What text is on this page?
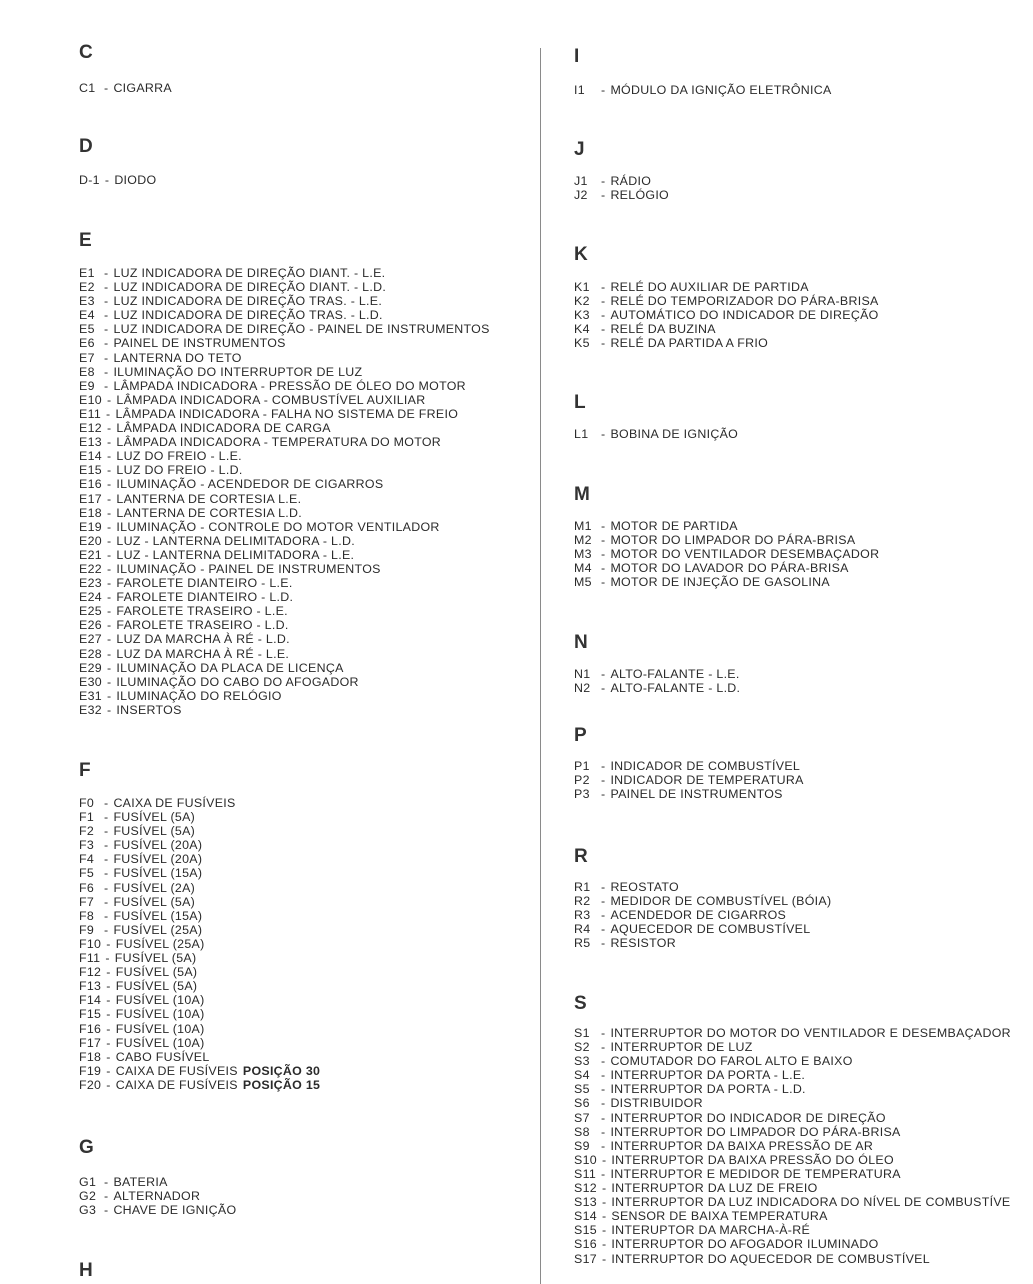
C
C1 - CIGARRA
D
D-1 - DIODO
E
E1 - LUZ INDICADORA DE DIREÇÃO DIANT. - L.E.
E2 - LUZ INDICADORA DE DIREÇÃO DIANT. - L.D.
E3 - LUZ INDICADORA DE DIREÇÃO TRAS. - L.E.
E4 - LUZ INDICADORA DE DIREÇÃO TRAS. - L.D.
E5 - LUZ INDICADORA DE DIREÇÃO - PAINEL DE INSTRUMENTOS
E6 - PAINEL DE INSTRUMENTOS
E7 - LANTERNA DO TETO
E8 - ILUMINAÇÃO DO INTERRUPTOR DE LUZ
E9 - LÂMPADA INDICADORA - PRESSÃO DE ÓLEO DO MOTOR
E10 - LÂMPADA INDICADORA - COMBUSTÍVEL AUXILIAR
E11 - LÂMPADA INDICADORA - FALHA NO SISTEMA DE FREIO
E12 - LÂMPADA INDICADORA DE CARGA
E13 - LÂMPADA INDICADORA - TEMPERATURA DO MOTOR
E14 - LUZ DO FREIO - L.E.
E15 - LUZ DO FREIO - L.D.
E16 - ILUMINAÇÃO - ACENDEDOR DE CIGARROS
E17 - LANTERNA DE CORTESIA L.E.
E18 - LANTERNA DE CORTESIA L.D.
E19 - ILUMINAÇÃO - CONTROLE DO MOTOR VENTILADOR
E20 - LUZ - LANTERNA DELIMITADORA - L.D.
E21 - LUZ - LANTERNA DELIMITADORA - L.E.
E22 - ILUMINAÇÃO - PAINEL DE INSTRUMENTOS
E23 - FAROLETE DIANTEIRO - L.E.
E24 - FAROLETE DIANTEIRO - L.D.
E25 - FAROLETE TRASEIRO - L.E.
E26 - FAROLETE TRASEIRO - L.D.
E27 - LUZ DA MARCHA À RÉ - L.D.
E28 - LUZ DA MARCHA À RÉ - L.E.
E29 - ILUMINAÇÃO DA PLACA DE LICENÇA
E30 - ILUMINAÇÃO DO CABO DO AFOGADOR
E31 - ILUMINAÇÃO DO RELÓGIO
E32 - INSERTOS
F
F0 - CAIXA DE FUSÍVEIS
F1 - FUSÍVEL (5A)
F2 - FUSÍVEL (5A)
F3 - FUSÍVEL (20A)
F4 - FUSÍVEL (20A)
F5 - FUSÍVEL (15A)
F6 - FUSÍVEL (2A)
F7 - FUSÍVEL (5A)
F8 - FUSÍVEL (15A)
F9 - FUSÍVEL (25A)
F10 - FUSÍVEL (25A)
F11 - FUSÍVEL (5A)
F12 - FUSÍVEL (5A)
F13 - FUSÍVEL (5A)
F14 - FUSÍVEL (10A)
F15 - FUSÍVEL (10A)
F16 - FUSÍVEL (10A)
F17 - FUSÍVEL (10A)
F18 - CABO FUSÍVEL
F19 - CAIXA DE FUSÍVEIS POSIÇÃO 30
F20 - CAIXA DE FUSÍVEIS POSIÇÃO 15
G
G1 - BATERIA
G2 - ALTERNADOR
G3 - CHAVE DE IGNIÇÃO
H
I
I1 - MÓDULO DA IGNIÇÃO ELETRÔNICA
J
J1 - RÁDIO
J2 - RELÓGIO
K
K1 - RELÉ DO AUXILIAR DE PARTIDA
K2 - RELÉ DO TEMPORIZADOR DO PÁRA-BRISA
K3 - AUTOMÁTICO DO INDICADOR DE DIREÇÃO
K4 - RELÉ DA BUZINA
K5 - RELÉ DA PARTIDA A FRIO
L
L1 - BOBINA DE IGNIÇÃO
M
M1 - MOTOR DE PARTIDA
M2 - MOTOR DO LIMPADOR DO PÁRA-BRISA
M3 - MOTOR DO VENTILADOR DESEMBAÇADOR
M4 - MOTOR DO LAVADOR DO PÁRA-BRISA
M5 - MOTOR DE INJEÇÃO DE GASOLINA
N
N1 - ALTO-FALANTE - L.E.
N2 - ALTO-FALANTE - L.D.
P
P1 - INDICADOR DE COMBUSTÍVEL
P2 - INDICADOR DE TEMPERATURA
P3 - PAINEL DE INSTRUMENTOS
R
R1 - REOSTATO
R2 - MEDIDOR DE COMBUSTÍVEL (BÓIA)
R3 - ACENDEDOR DE CIGARROS
R4 - AQUECEDOR DE COMBUSTÍVEL
R5 - RESISTOR
S
S1 - INTERRUPTOR DO MOTOR DO VENTILADOR E DESEMBAÇADOR
S2 - INTERRUPTOR DE LUZ
S3 - COMUTADOR DO FAROL ALTO E BAIXO
S4 - INTERRUPTOR DA PORTA - L.E.
S5 - INTERRUPTOR DA PORTA - L.D.
S6 - DISTRIBUIDOR
S7 - INTERRUPTOR DO INDICADOR DE DIREÇÃO
S8 - INTERRUPTOR DO LIMPADOR DO PÁRA-BRISA
S9 - INTERRUPTOR DA BAIXA PRESSÃO DE AR
S10 - INTERRUPTOR DA BAIXA PRESSÃO DO ÓLEO
S11 - INTERRUPTOR E MEDIDOR DE TEMPERATURA
S12 - INTERRUPTOR DA LUZ DE FREIO
S13 - INTERRUPTOR DA LUZ INDICADORA DO NÍVEL DE COMBUSTÍVE
S14 - SENSOR DE BAIXA TEMPERATURA
S15 - INTERUPTOR DA MARCHA-À-RÉ
S16 - INTERRUPTOR DO AFOGADOR ILUMINADO
S17 - INTERRUPTOR DO AQUECEDOR DE COMBUSTÍVEL
